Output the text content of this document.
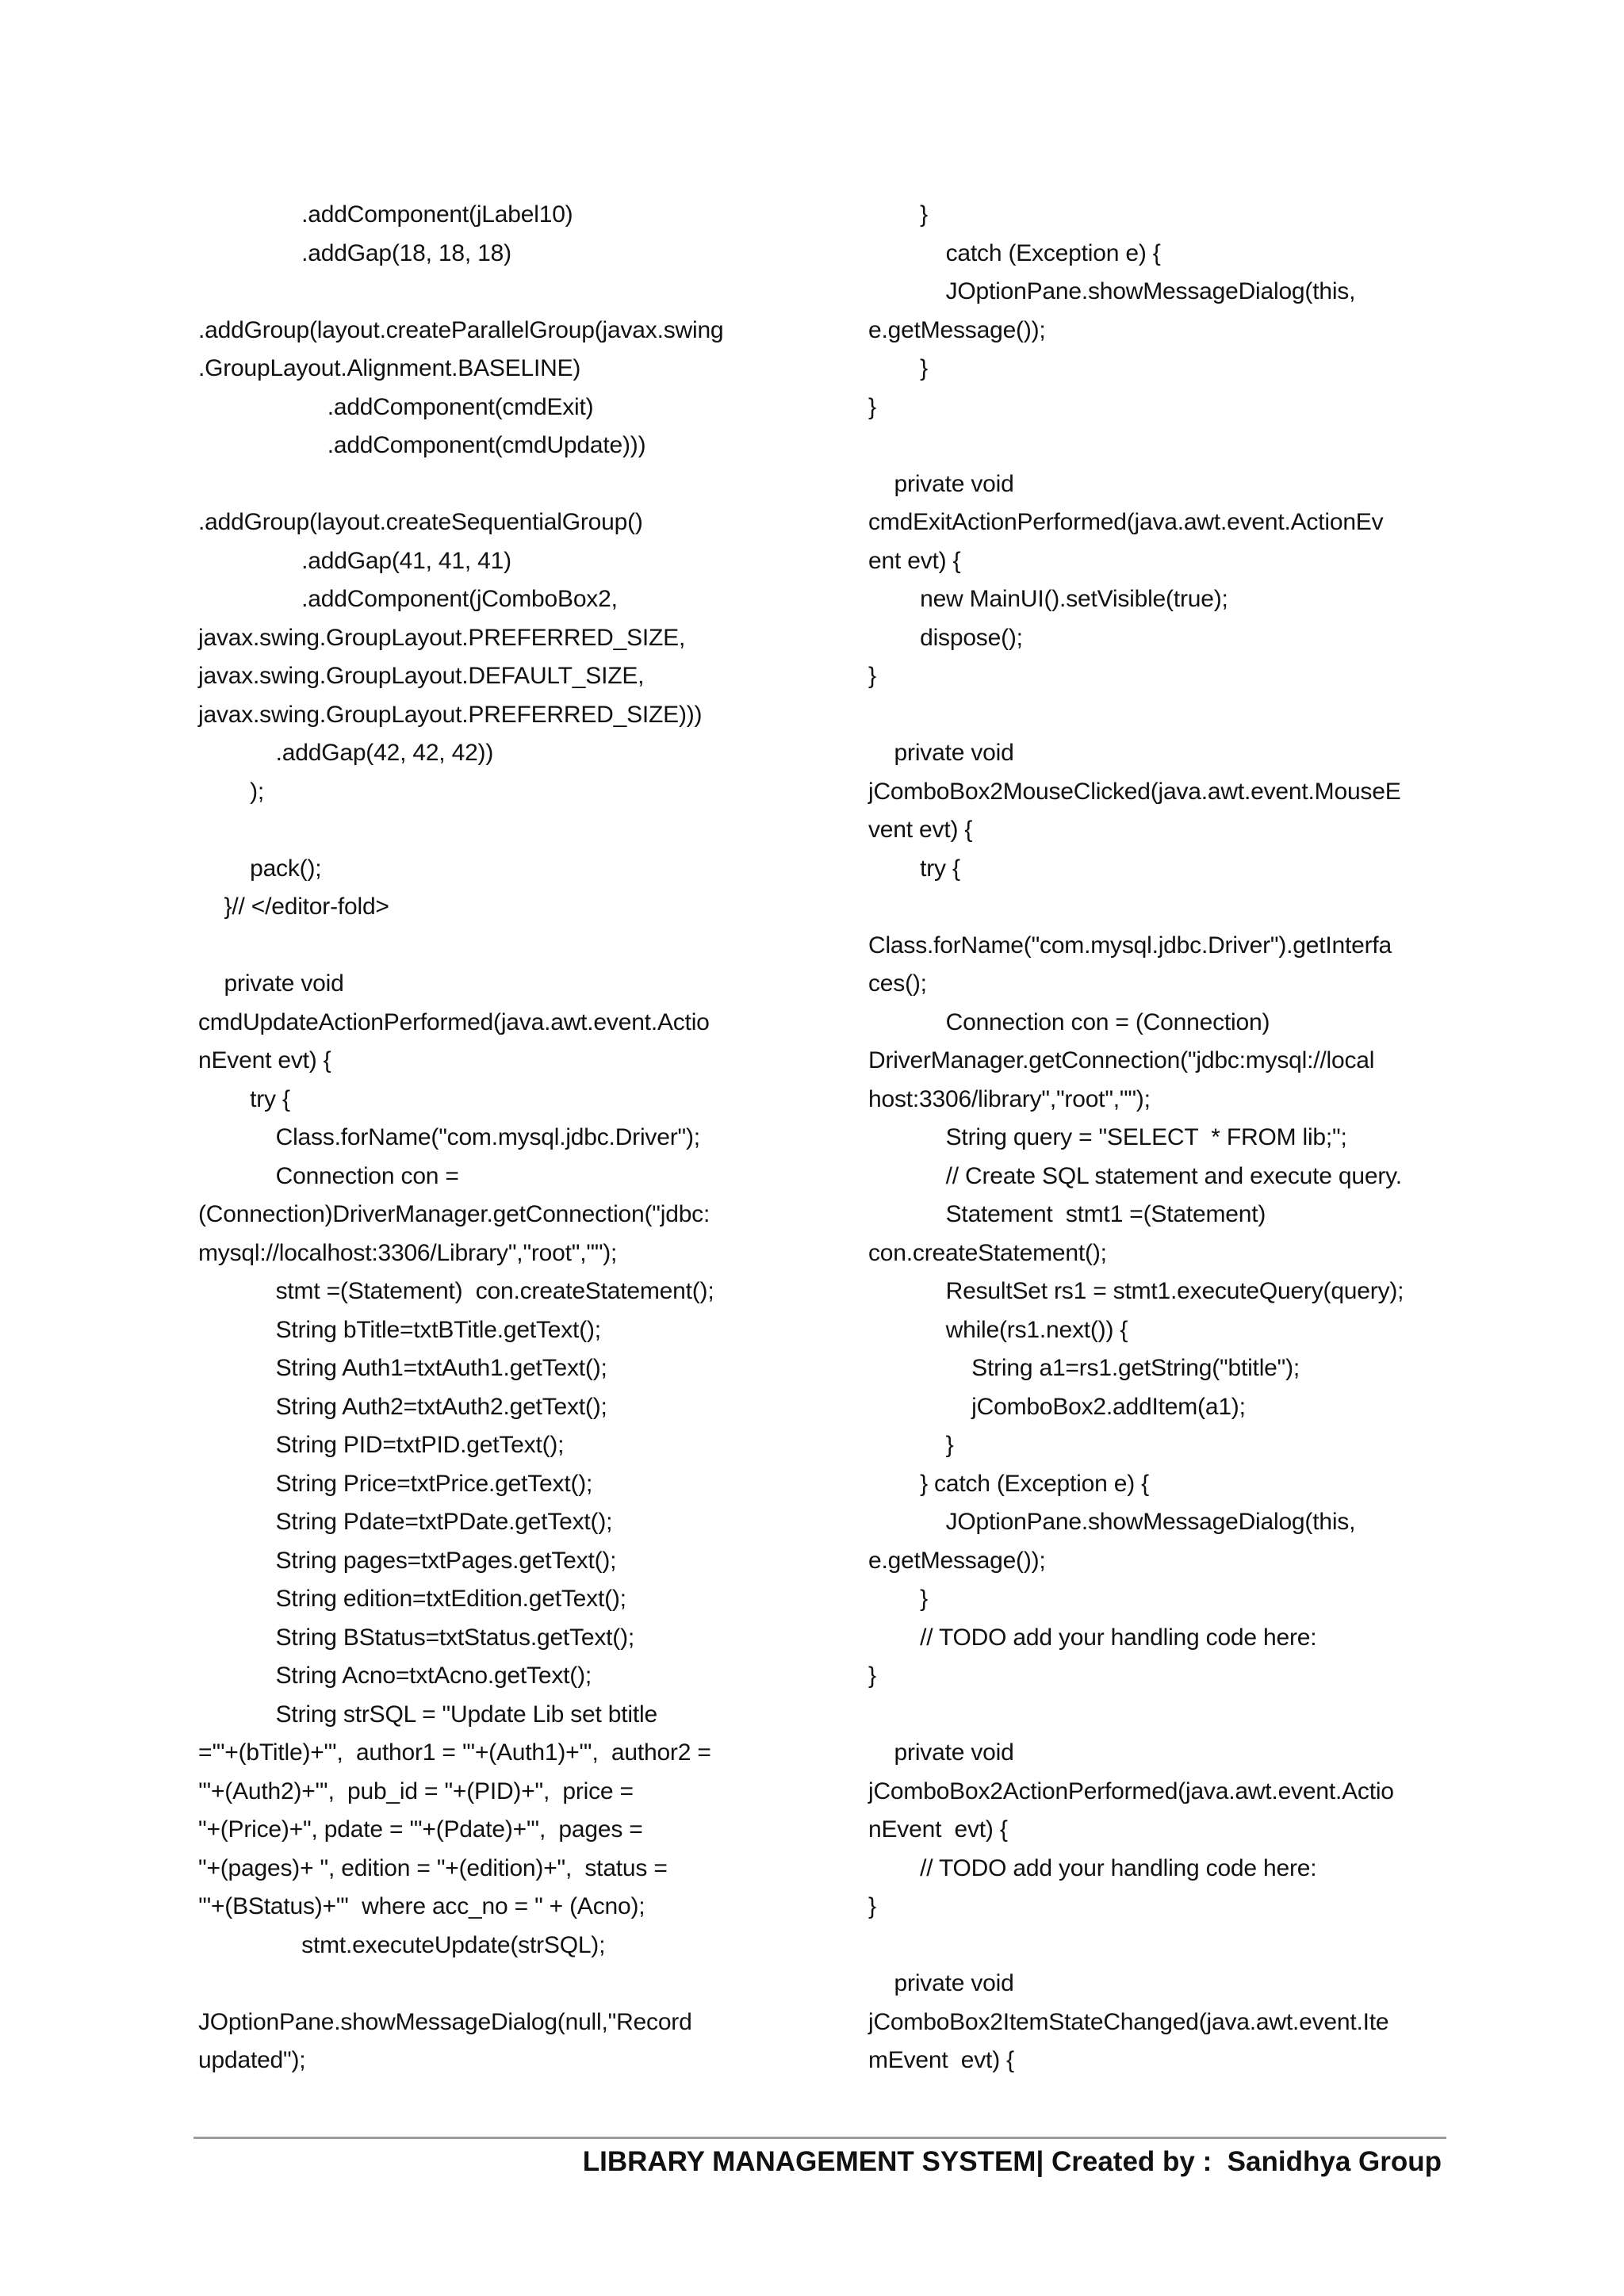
.addComponent(jLabel10)
.addGap(18, 18, 18)
.addGroup(layout.createParallelGroup(javax.swing
.GroupLayout.Alignment.BASELINE)
.addComponent(cmdExit)
.addComponent(cmdUpdate)))
.addGroup(layout.createSequentialGroup()
.addGap(41, 41, 41)
.addComponent(jComboBox2,
javax.swing.GroupLayout.PREFERRED_SIZE,
javax.swing.GroupLayout.DEFAULT_SIZE,
javax.swing.GroupLayout.PREFERRED_SIZE)))
.addGap(42, 42, 42))
);
pack();
}// </editor-fold>
private void
cmdUpdateActionPerformed(java.awt.event.Actio
nEvent evt) {
try {
Class.forName("com.mysql.jdbc.Driver");
Connection con =
(Connection)DriverManager.getConnection("jdbc:
mysql://localhost:3306/Library","root","");
stmt =(Statement)  con.createStatement();
String bTitle=txtBTitle.getText();
String Auth1=txtAuth1.getText();
String Auth2=txtAuth2.getText();
String PID=txtPID.getText();
String Price=txtPrice.getText();
String Pdate=txtPDate.getText();
String pages=txtPages.getText();
String edition=txtEdition.getText();
String BStatus=txtStatus.getText();
String Acno=txtAcno.getText();
String strSQL = "Update Lib set btitle
='"+(bTitle)+"',  author1 = '"+(Auth1)+"',  author2 =
'"+(Auth2)+"',  pub_id = "+(PID)+",  price =
"+(Price)+", pdate = '"+(Pdate)+"',  pages =
"+(pages)+ ", edition = "+(edition)+",  status =
'"+(BStatus)+"'  where acc_no = " + (Acno);
stmt.executeUpdate(strSQL);
JOptionPane.showMessageDialog(null,"Record
updated");
}
catch (Exception e) {
JOptionPane.showMessageDialog(this,
e.getMessage());
}
}
private void
cmdExitActionPerformed(java.awt.event.ActionEv
ent evt) {
new MainUI().setVisible(true);
dispose();
}
private void
jComboBox2MouseClicked(java.awt.event.MouseE
vent evt) {
try {
Class.forName("com.mysql.jdbc.Driver").getInterfa
ces();
Connection con = (Connection)
DriverManager.getConnection("jdbc:mysql://local
host:3306/library","root","");
String query = "SELECT  * FROM lib;";
// Create SQL statement and execute query.
Statement  stmt1 =(Statement)
con.createStatement();
ResultSet rs1 = stmt1.executeQuery(query);
while(rs1.next()) {
String a1=rs1.getString("btitle");
jComboBox2.addItem(a1);
}
} catch (Exception e) {
JOptionPane.showMessageDialog(this,
e.getMessage());
}
// TODO add your handling code here:
}
private void
jComboBox2ActionPerformed(java.awt.event.Actio
nEvent  evt) {
// TODO add your handling code here:
}
private void
jComboBox2ItemStateChanged(java.awt.event.Ite
mEvent  evt) {
LIBRARY MANAGEMENT SYSTEM| Created by :  Sanidhya Group
